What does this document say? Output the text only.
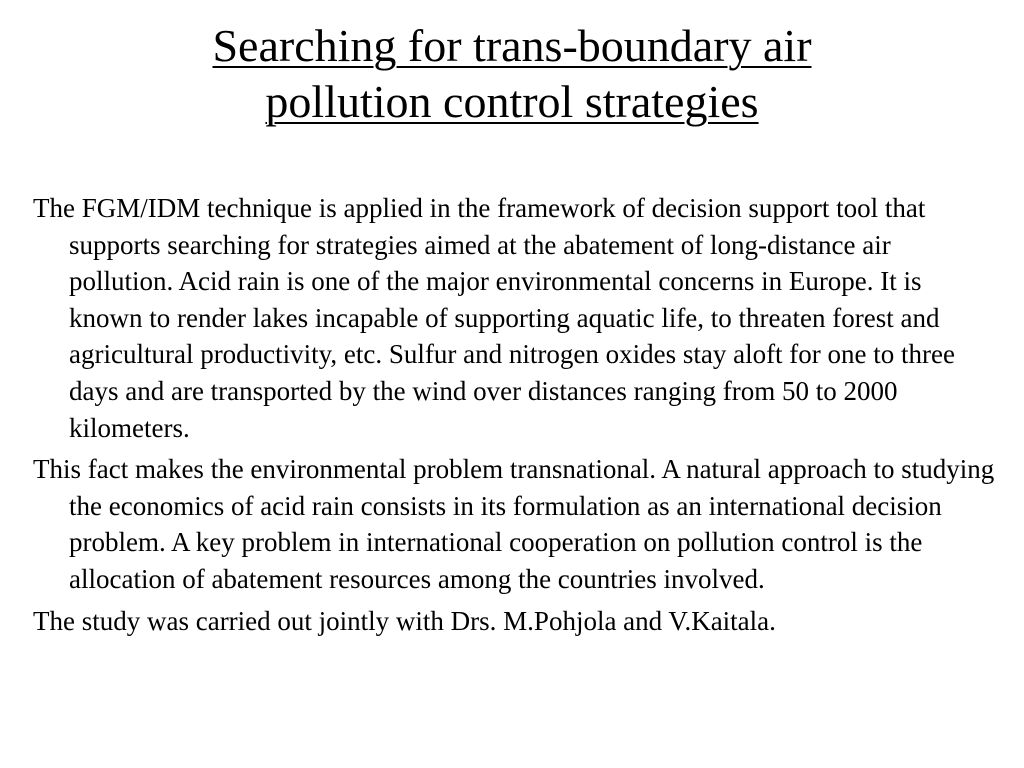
Searching for trans-boundary air
pollution control strategies

The FGM/IDM technique is applied in the framework of decision support tool that supports searching for strategies aimed at the abatement of long-distance air pollution. Acid rain is one of the major environmental concerns in Europe. It is known to render lakes incapable of supporting aquatic life, to threaten forest and agricultural productivity, etc. Sulfur and nitrogen oxides stay aloft for one to three days and are transported by the wind over distances ranging from 50 to 2000 kilometers.

This fact makes the environmental problem transnational. A natural approach to studying the economics of acid rain consists in its formulation as an international decision problem. A key problem in international cooperation on pollution control is the allocation of abatement resources among the countries involved.

The study was carried out jointly with Drs. M.Pohjola and V.Kaitala.
